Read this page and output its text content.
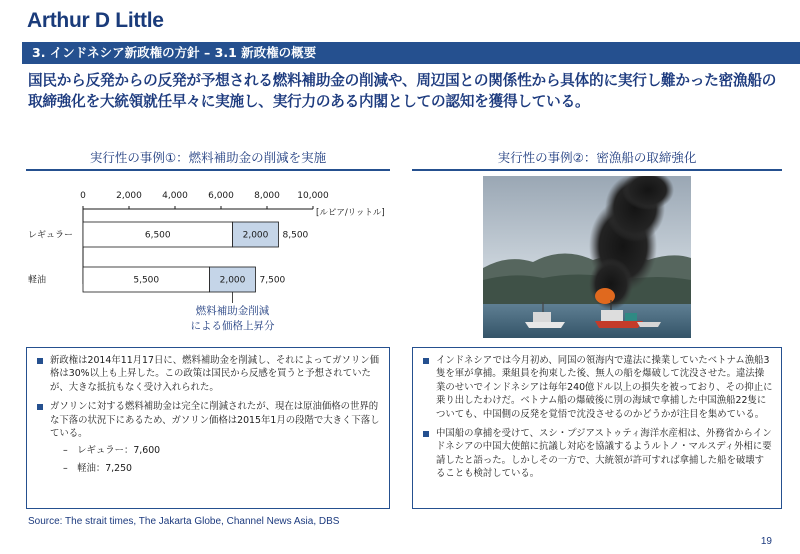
Arthur D Little
3. インドネシア新政権の方針 – 3.1 新政権の概要
国民から反発からの反発が予想される燃料補助金の削減や、周辺国との関係性から具体的に実行し難かった密漁船の取締強化を大統領就任早々に実施し、実行力のある内閣としての認知を獲得している。
実行性の事例①：燃料補助金の削減を実施	実行性の事例②：密漁船の取締強化
0	2,000 4,000 6,000 8,000 10,000
[ルピア/リットル]
レギュラー	6,500	2,000 8,500
軽油	5,500	2,000 7,500
燃料補助金削減
による価格上昇分
新政権は2014年11月17日に、燃料補助金を削減し、それによってガソリン価格は30%以上も上昇した。この政策は国民から反感を買うと予想されていたが、大きな抵抗もなく受け入れられた。
ガソリンに対する燃料補助金は完全に削減されたが、現在は原油価格の世界的な下落の状況下にあるため、ガソリン価格は2015年1月の段階で大きく下落している。
–　レギュラー：7,600
–　軽油：7,250
インドネシアでは今月初め、同国の領海内で違法に操業していたベトナム漁船3隻を軍が拿捕。乗組員を拘束した後、無人の船を爆破して沈没させた。違法操業のせいでインドネシアは毎年240億ドル以上の損失を被っており、その抑止に乗り出したわけだ。ベトナム船の爆破後に別の海域で拿捕した中国漁船22隻についても、中国側の反発を覚悟で沈没させるのかどうかが注目を集めている。
中国船の拿捕を受けて、スシ・プジアストゥティ海洋水産相は、外務省からインドネシアの中国大使館に抗議し対応を協議するようルトノ・マルスディ外相に要請したと語った。しかしその一方で、大統領が許可すれば拿捕した船を破壊することも検討している。
Source: The strait times, The Jakarta Globe, Channel News Asia, DBS
19
